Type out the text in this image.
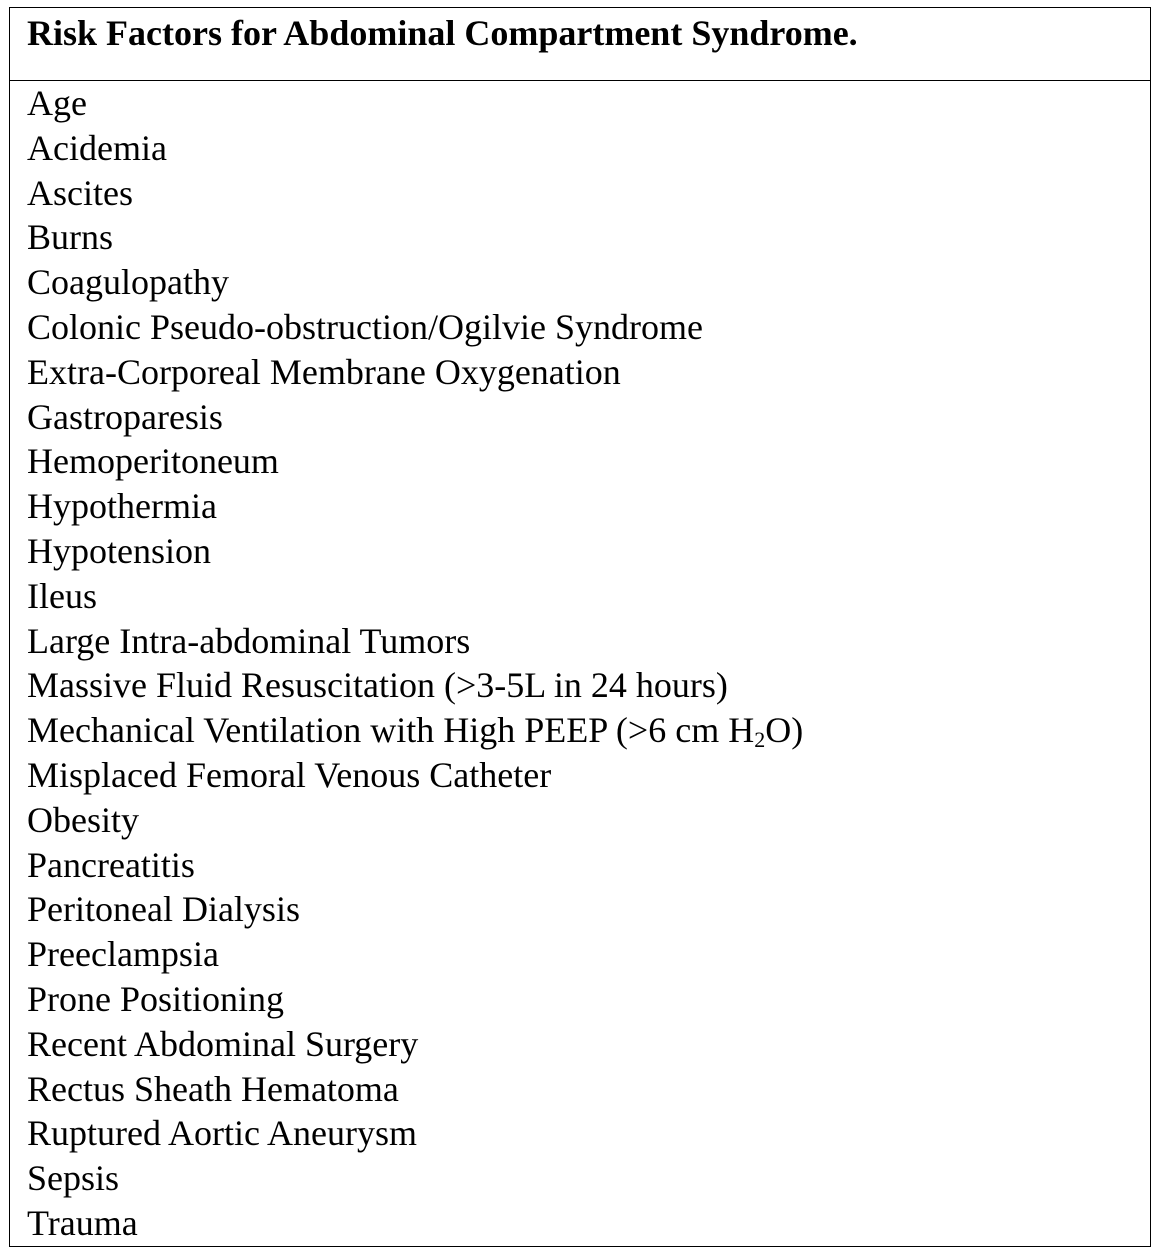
Risk Factors for Abdominal Compartment Syndrome.
Age
Acidemia
Ascites
Burns
Coagulopathy
Colonic Pseudo-obstruction/Ogilvie Syndrome
Extra-Corporeal Membrane Oxygenation
Gastroparesis
Hemoperitoneum
Hypothermia
Hypotension
Ileus
Large Intra-abdominal Tumors
Massive Fluid Resuscitation (>3-5L in 24 hours)
Mechanical Ventilation with High PEEP (>6 cm $H_2O$)
Misplaced Femoral Venous Catheter
Obesity
Pancreatitis
Peritoneal Dialysis
Preeclampsia
Prone Positioning
Recent Abdominal Surgery
Rectus Sheath Hematoma
Ruptured Aortic Aneurysm
Sepsis
Trauma
